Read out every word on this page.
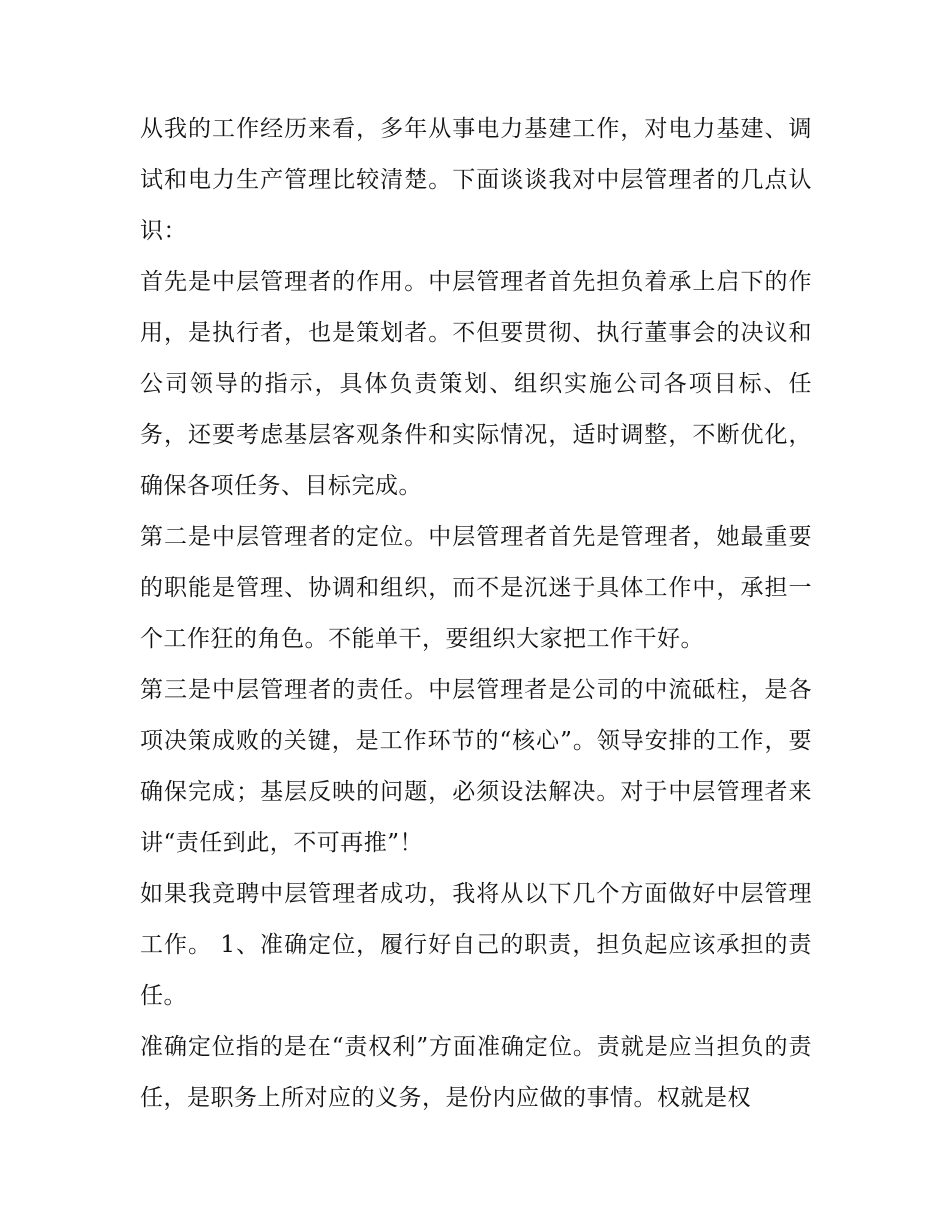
从我的工作经历来看，多年从事电力基建工作，对电力基建、调试和电力生产管理比较清楚。下面谈谈我对中层管理者的几点认识：

首先是中层管理者的作用。中层管理者首先担负着承上启下的作用，是执行者，也是策划者。不但要贯彻、执行董事会的决议和公司领导的指示，具体负责策划、组织实施公司各项目标、任务，还要考虑基层客观条件和实际情况，适时调整，不断优化，确保各项任务、目标完成。

第二是中层管理者的定位。中层管理者首先是管理者，她最重要的职能是管理、协调和组织，而不是沉迷于具体工作中，承担一个工作狂的角色。不能单干，要组织大家把工作干好。

第三是中层管理者的责任。中层管理者是公司的中流砥柱，是各项决策成败的关键，是工作环节的“核心”。领导安排的工作，要确保完成；基层反映的问题，必须设法解决。对于中层管理者来讲“责任到此，不可再推”！

如果我竞聘中层管理者成功，我将从以下几个方面做好中层管理工作。 1、准确定位，履行好自己的职责，担负起应该承担的责任。

准确定位指的是在“责权利”方面准确定位。责就是应当担负的责任，是职务上所对应的义务，是份内应做的事情。权就是权
